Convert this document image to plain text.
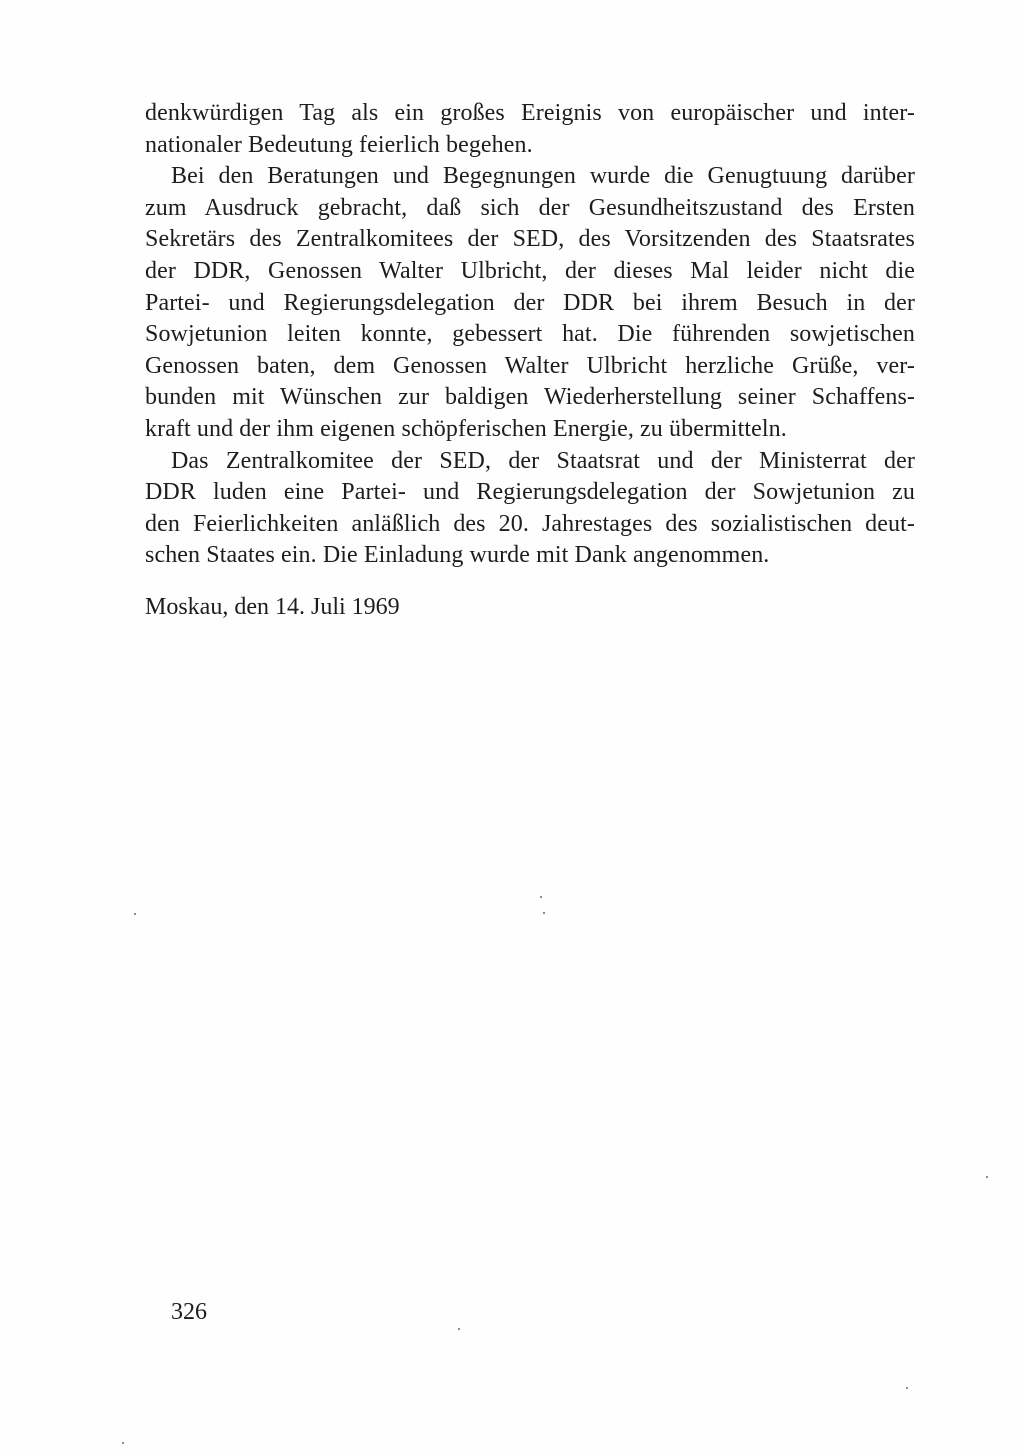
denkwürdigen Tag als ein großes Ereignis von europäischer und inter-
nationaler Bedeutung feierlich begehen.
Bei den Beratungen und Begegnungen wurde die Genugtuung darüber
zum Ausdruck gebracht, daß sich der Gesundheitszustand des Ersten
Sekretärs des Zentralkomitees der SED, des Vorsitzenden des Staatsrates
der DDR, Genossen Walter Ulbricht, der dieses Mal leider nicht die
Partei- und Regierungsdelegation der DDR bei ihrem Besuch in der
Sowjetunion leiten konnte, gebessert hat. Die führenden sowjetischen
Genossen baten, dem Genossen Walter Ulbricht herzliche Grüße, ver-
bunden mit Wünschen zur baldigen Wiederherstellung seiner Schaffens-
kraft und der ihm eigenen schöpferischen Energie, zu übermitteln.
Das Zentralkomitee der SED, der Staatsrat und der Ministerrat der
DDR luden eine Partei- und Regierungsdelegation der Sowjetunion zu
den Feierlichkeiten anläßlich des 20. Jahrestages des sozialistischen deut-
schen Staates ein. Die Einladung wurde mit Dank angenommen.
Moskau, den 14. Juli 1969
326
